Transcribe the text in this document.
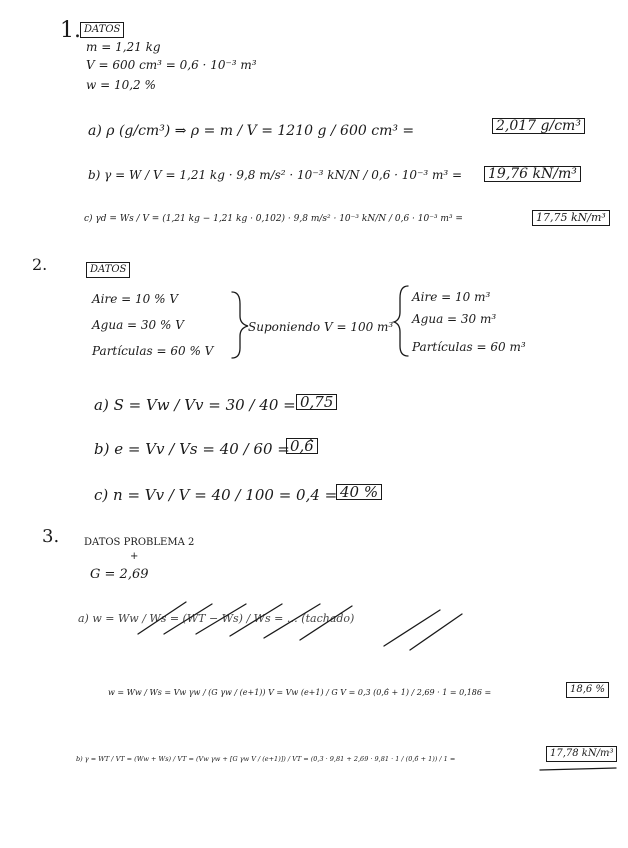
1. DATOS
m = 1,21 kg
V = 600 cm³ = 0,6 · 10⁻³ m³
w = 10,2 %
a) ρ (g/cm³) ⇒ ρ = m / V = 1210 g / 600 cm³ =	2,017 g/cm³
b) γ = W / V = 1,21 kg · 9,8 m/s² · 10⁻³ kN/N / 0,6 · 10⁻³ m³ = 19,76 kN/m³
c) γd = Ws / V = (1,21 kg − 1,21 kg · 0,102) · 9,8 m/s² · 10⁻³ kN/N / 0,6 · 10⁻³ m³ =	17,75 kN/m³
2.	DATOS
Aire = 10 % V
Agua = 30 % V
Partículas = 60 % V
Suponiendo V = 100 m³
Aire = 10 m³
Agua = 30 m³
Partículas = 60 m³
a) S = Vw / Vv = 30 / 40 = 0,75
b) e = Vv / Vs = 40 / 60 = 0,6̂
c) n = Vv / V = 40 / 100 = 0,4 = 40 %
3. DATOS PROBLEMA 2
+
G = 2,69
a) w = Ww / Ws = (WT − Ws) / Ws = … (tachado)
w = Ww / Ws = Vw γw / (G γw / (e+1)) V = Vw (e+1) / G V = 0,3 (0,6̂ + 1) / 2,69 · 1 = 0,186 =	18,6 %
b) γ = WT / VT = (Ww + Ws) / VT = (Vw γw + [G γw V / (e+1)]) / VT = (0,3 · 9,81 + 2,69 · 9,81 · 1 / (0,6̂ + 1)) / 1 =	17,78 kN/m³
